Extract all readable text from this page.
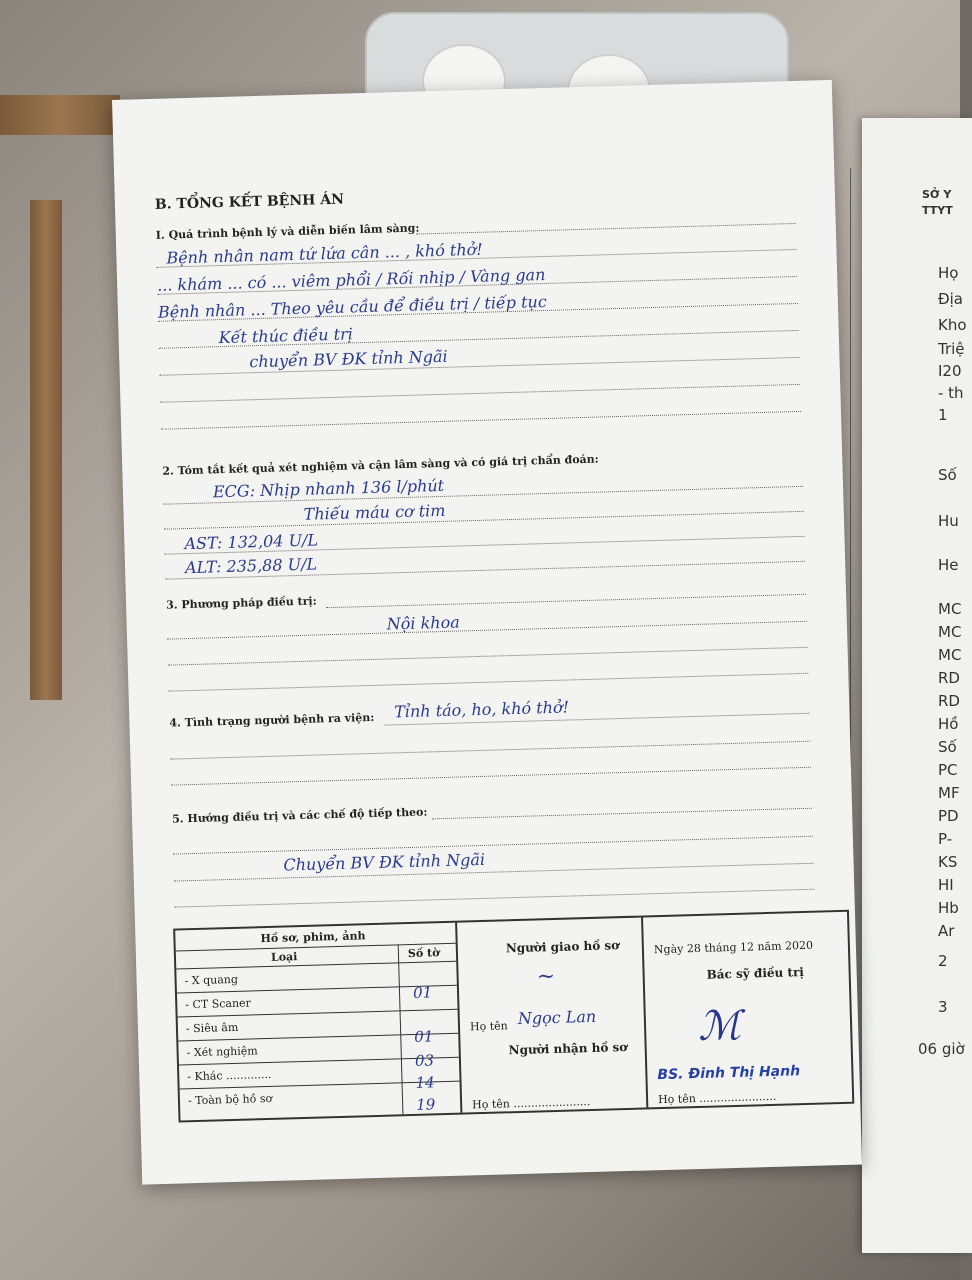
SỞ Y
TTYT
Họ
Địa
Kho
Triệ
I20
- th
1
Số
Hu
He
MC
MC
MC
RD
RD
Hồ
Số
PC
MF
PD
P-
KS
HI
Hb
Ar
2
3
06 giờ
B. TỔNG KẾT BỆNH ÁN
I. Quá trình bệnh lý và diễn biến lâm sàng:
Bệnh nhân nam tứ lứa cân ... , khó thở!
... khám ... có ... viêm phổi / Rối nhịp / Vàng gan
Bệnh nhân ... Theo yêu cầu để điều trị / tiếp tục
Kết thúc điều trị
chuyển BV ĐK tỉnh Ngãi
2. Tóm tắt kết quả xét nghiệm và cận lâm sàng và có giá trị chẩn đoán:
ECG: Nhịp nhanh 136 l/phút
Thiếu máu cơ tim
AST: 132,04 U/L
ALT: 235,88 U/L
3. Phương pháp điều trị:
Nội khoa
4. Tình trạng người bệnh ra viện: Tỉnh táo, ho, khó thở!
5. Hướng điều trị và các chế độ tiếp theo:
Chuyển BV ĐK tỉnh Ngãi
Hồ sơ, phim, ảnh
Loại	Số tờ
- X quang
- CT Scaner
- Siêu âm
- Xét nghiệm
- Khác .............
- Toàn bộ hồ sơ
01
01
03
14
19
Người giao hồ sơ
~
Họ tên Ngọc Lan
Người nhận hồ sơ
Họ tên ......................
Ngày 28 tháng 12 năm 2020
Bác sỹ điều trị
ℳ
BS. Đinh Thị Hạnh
Họ tên ......................
